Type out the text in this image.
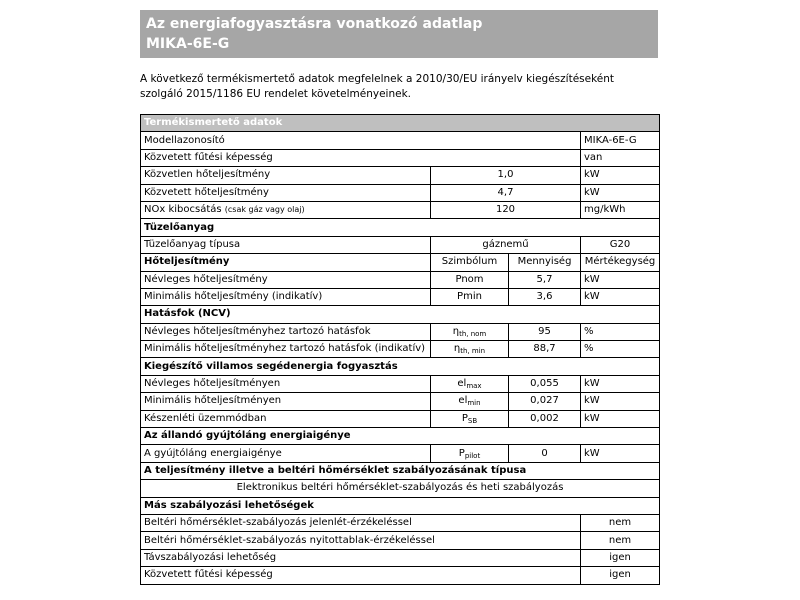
Az energiafogyasztásra vonatkozó adatlap
MIKA-6E-G
A következő termékismertető adatok megfelelnek a 2010/30/EU irányelv kiegészítéseként szolgáló 2015/1186 EU rendelet követelményeinek.
Termékismertető adatok			
Modellazonosító			MIKA-6E-G
Közvetett fűtési képesség			van
Közvetlen hőteljesítmény	1,0		kW
Közvetett hőteljesítmény	4,7		kW
NOx kibocsátás (csak gáz vagy olaj)	120		mg/kWh
Tüzelőanyag			
Tüzelőanyag típusa	gáznemű		G20
Hőteljesítmény	Szimbólum	Mennyiség	Mértékegység
Névleges hőteljesítmény	Pnom	5,7	kW
Minimális hőteljesítmény (indikatív)	Pmin	3,6	kW
Hatásfok (NCV)			
Névleges hőteljesítményhez tartozó hatásfok	$\eta_{th, nom}$	95	%
Minimális hőteljesítményhez tartozó hatásfok (indikatív)	$\eta_{th, min}$	88,7	%
Kiegészítő villamos segédenergia fogyasztás			
Névleges hőteljesítményen	$el_{max}$	0,055	kW
Minimális hőteljesítményen	$el_{min}$	0,027	kW
Készenléti üzemmódban	$P_{SB}$	0,002	kW
Az állandó gyújtóláng energiaigénye			
A gyújtóláng energiaigénye	$P_{pilot}$	0	kW
A teljesítmény illetve a beltéri hőmérséklet szabályozásának típusa			
Elektronikus beltéri hőmérséklet-szabályozás és heti szabályozás			
Más szabályozási lehetőségek			
Beltéri hőmérséklet-szabályozás jelenlét-érzékeléssel			nem
Beltéri hőmérséklet-szabályozás nyitottablak-érzékeléssel			nem
Távszabályozási lehetőség			igen
Közvetett fűtési képesség			igen
